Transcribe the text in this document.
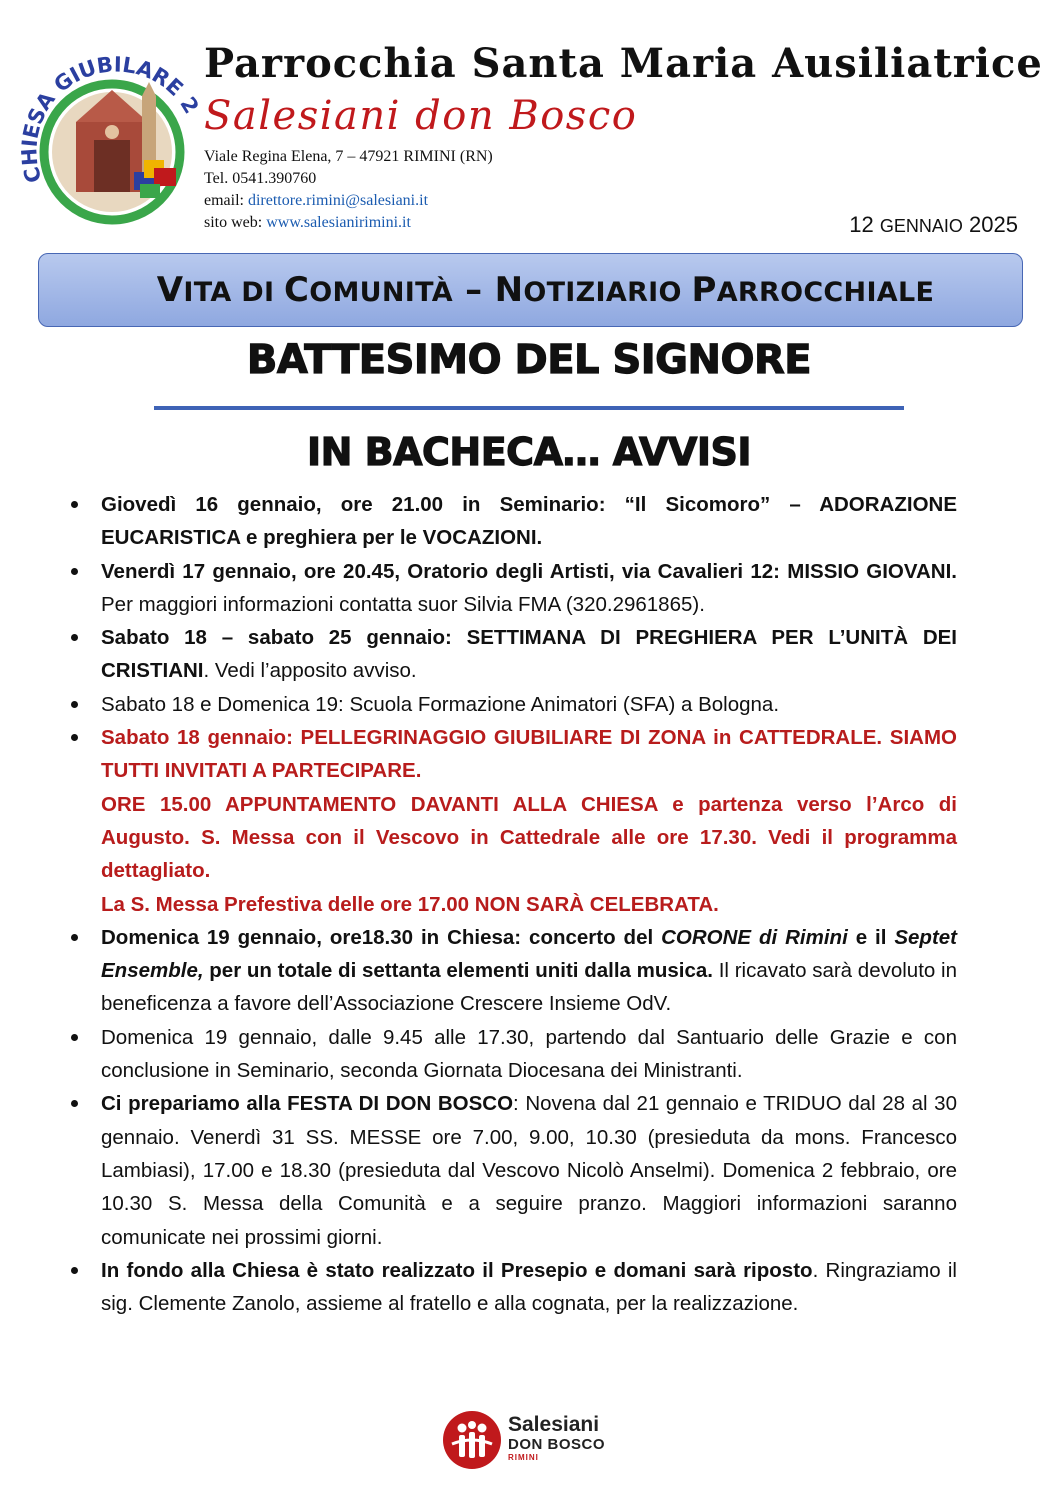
CHIESA GIUBILARE 2
Parrocchia Santa Maria Ausiliatrice
Salesiani don Bosco
Viale Regina Elena, 7 – 47921 RIMINI (RN)
Tel. 0541.390760
email: direttore.rimini@salesiani.it
sito web: www.salesianirimini.it	12 GENNAIO 2025
VITA DI COMUNITÀ – NOTIZIARIO PARROCCHIALE
BATTESIMO DEL SIGNORE
IN BACHECA… AVVISI
Giovedì 16 gennaio, ore 21.00 in Seminario: “Il Sicomoro” – ADORAZIONE EUCARISTICA e preghiera per le VOCAZIONI.
Venerdì 17 gennaio, ore 20.45, Oratorio degli Artisti, via Cavalieri 12: MISSIO GIOVANI. Per maggiori informazioni contatta suor Silvia FMA (320.2961865).
Sabato 18 – sabato 25 gennaio: SETTIMANA DI PREGHIERA PER L’UNITÀ DEI CRISTIANI. Vedi l’apposito avviso.
Sabato 18 e Domenica 19: Scuola Formazione Animatori (SFA) a Bologna.
Sabato 18 gennaio: PELLEGRINAGGIO GIUBILIARE DI ZONA in CATTEDRALE. SIAMO TUTTI INVITATI A PARTECIPARE.
ORE 15.00 APPUNTAMENTO DAVANTI ALLA CHIESA e partenza verso l’Arco di Augusto. S. Messa con il Vescovo in Cattedrale alle ore 17.30. Vedi il programma dettagliato.
La S. Messa Prefestiva delle ore 17.00 NON SARÀ CELEBRATA.
Domenica 19 gennaio, ore18.30 in Chiesa: concerto del CORONE di Rimini e il Septet Ensemble, per un totale di settanta elementi uniti dalla musica. Il ricavato sarà devoluto in beneficenza a favore dell’Associazione Crescere Insieme OdV.
Domenica 19 gennaio, dalle 9.45 alle 17.30, partendo dal Santuario delle Grazie e con conclusione in Seminario, seconda Giornata Diocesana dei Ministranti.
Ci prepariamo alla FESTA DI DON BOSCO: Novena dal 21 gennaio e TRIDUO dal 28 al 30 gennaio. Venerdì 31 SS. MESSE ore 7.00, 9.00, 10.30 (presieduta da mons. Francesco Lambiasi), 17.00 e 18.30 (presieduta dal Vescovo Nicolò Anselmi). Domenica 2 febbraio, ore 10.30 S. Messa della Comunità e a seguire pranzo. Maggiori informazioni saranno comunicate nei prossimi giorni.
In fondo alla Chiesa è stato realizzato il Presepio e domani sarà riposto. Ringraziamo il sig. Clemente Zanolo, assieme al fratello e alla cognata, per la realizzazione.
Salesiani
DON BOSCO
RIMINI
